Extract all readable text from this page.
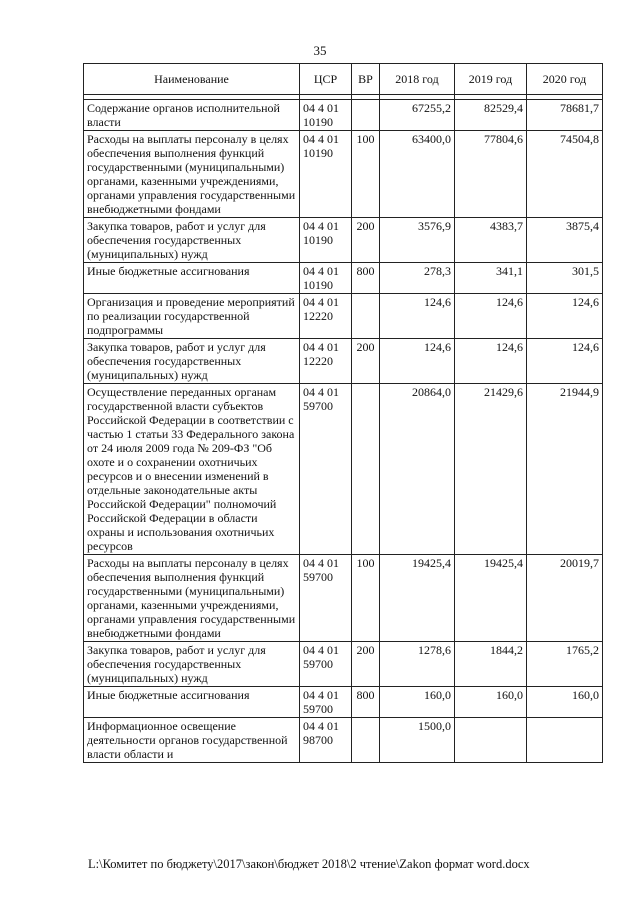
35
Наименование	ЦСР	ВР	2018 год	2019 год	2020 год

Содержание органов исполнительной власти	04 4 01 10190		67255,2	82529,4	78681,7
Расходы на выплаты персоналу в целях обеспечения выполнения функций государственными (муниципальными) органами, казенными учреждениями, органами управления государственными внебюджетными фондами	04 4 01 10190	100	63400,0	77804,6	74504,8
Закупка товаров, работ и услуг для обеспечения государственных (муниципальных) нужд	04 4 01 10190	200	3576,9	4383,7	3875,4
Иные бюджетные ассигнования	04 4 01 10190	800	278,3	341,1	301,5
Организация и проведение мероприятий по реализации государственной подпрограммы	04 4 01 12220		124,6	124,6	124,6
Закупка товаров, работ и услуг для обеспечения государственных (муниципальных) нужд	04 4 01 12220	200	124,6	124,6	124,6
Осуществление переданных органам государственной власти субъектов Российской Федерации в соответствии с частью 1 статьи 33 Федерального закона от 24 июля 2009 года № 209-ФЗ "Об охоте и о сохранении охотничьих ресурсов и о внесении изменений в отдельные законодательные акты Российской Федерации" полномочий Российской Федерации в области охраны и использования охотничьих ресурсов	04 4 01 59700		20864,0	21429,6	21944,9
Расходы на выплаты персоналу в целях обеспечения выполнения функций государственными (муниципальными) органами, казенными учреждениями, органами управления государственными внебюджетными фондами	04 4 01 59700	100	19425,4	19425,4	20019,7
Закупка товаров, работ и услуг для обеспечения государственных (муниципальных) нужд	04 4 01 59700	200	1278,6	1844,2	1765,2
Иные бюджетные ассигнования	04 4 01 59700	800	160,0	160,0	160,0
Информационное освещение деятельности органов государственной власти области и	04 4 01 98700		1500,0		
L:\Комитет по бюджету\2017\закон\бюджет 2018\2 чтение\Zakon формат word.docx
